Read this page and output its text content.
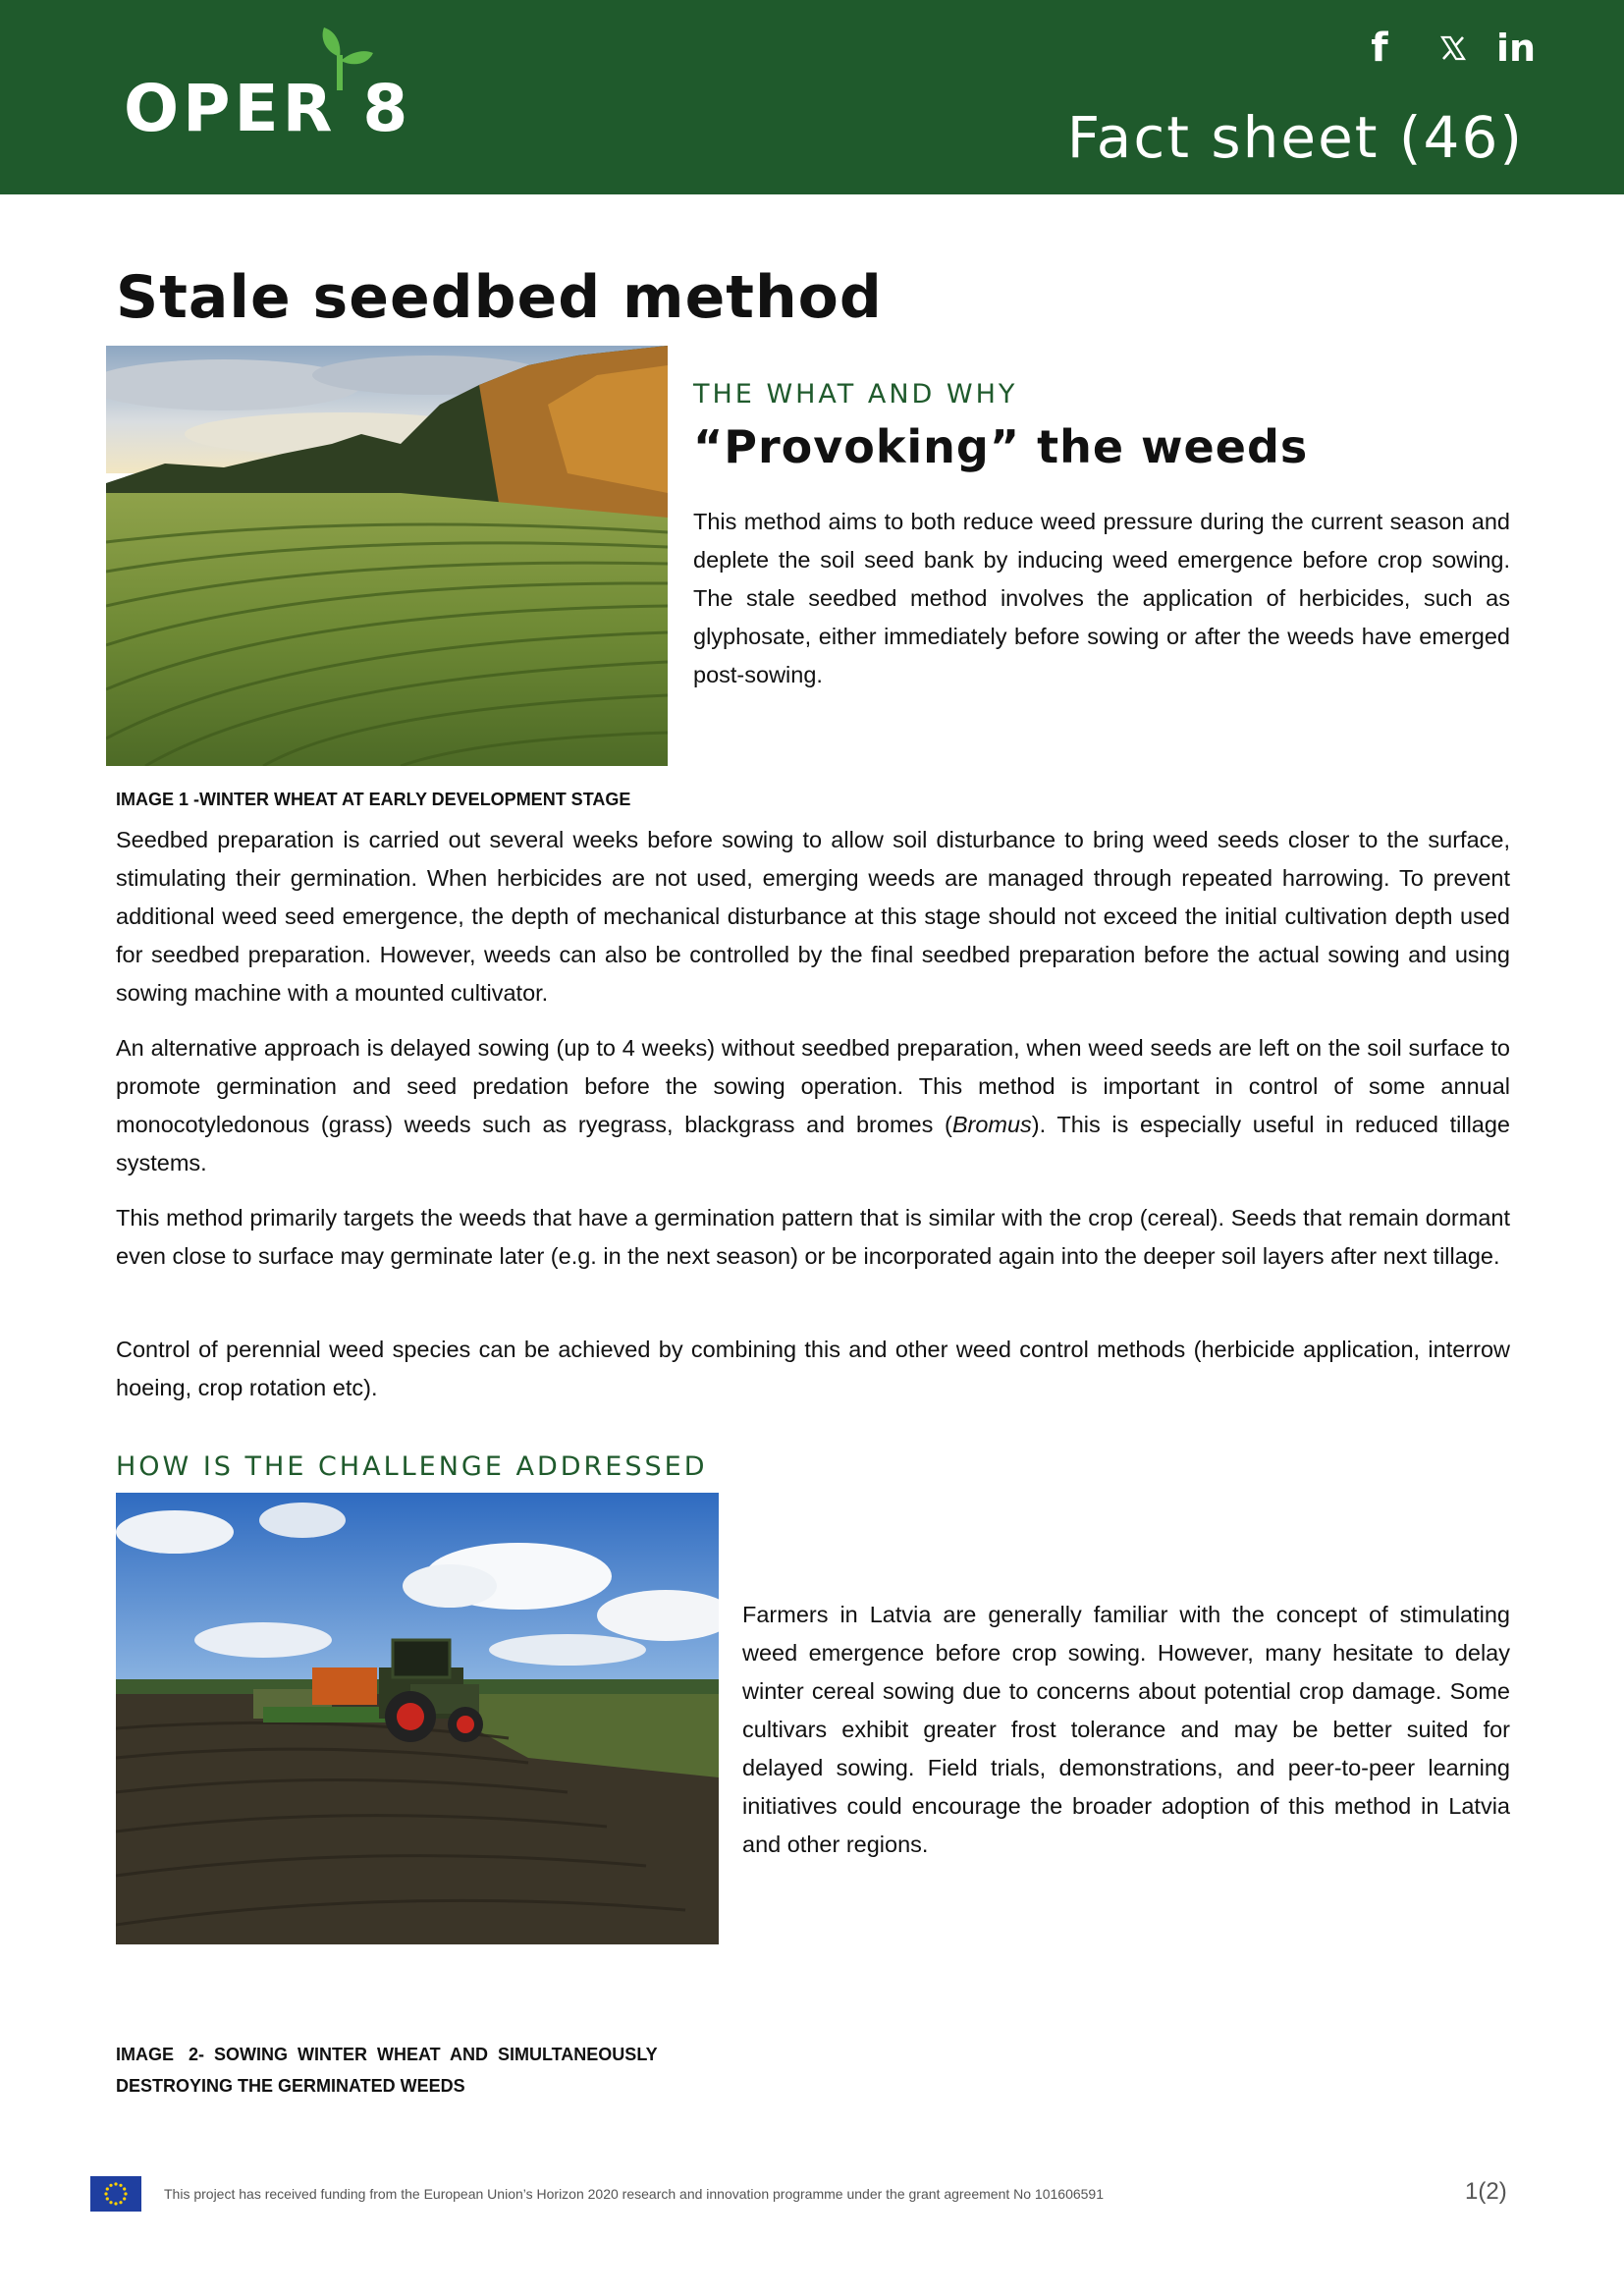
OPER 8
f	in
Fact sheet (46)
Stale seedbed method
THE WHAT AND WHY
“Provoking” the weeds

This method aims to both reduce weed pressure during the current season and deplete the soil seed bank by inducing weed emergence before crop sowing. The stale seedbed method involves the application of herbicides, such as glyphosate, either immediately before sowing or after the weeds have emerged post-sowing.

IMAGE 1 -WINTER WHEAT AT EARLY DEVELOPMENT STAGE

Seedbed preparation is carried out several weeks before sowing to allow soil disturbance to bring weed seeds closer to the surface, stimulating their germination. When herbicides are not used, emerging weeds are managed through repeated harrowing. To prevent additional weed seed emergence, the depth of mechanical disturbance at this stage should not exceed the initial cultivation depth used for seedbed preparation. However, weeds can also be controlled by the final seedbed preparation before the actual sowing and using sowing machine with a mounted cultivator.

An alternative approach is delayed sowing (up to 4 weeks) without seedbed preparation, when weed seeds are left on the soil surface to promote germination and seed predation before the sowing operation. This method is important in control of some annual monocotyledonous (grass) weeds such as ryegrass, blackgrass and bromes (Bromus). This is especially useful in reduced tillage systems.

This method primarily targets the weeds that have a germination pattern that is similar with the crop (cereal). Seeds that remain dormant even close to surface may germinate later (e.g. in the next season) or be incorporated again into the deeper soil layers after next tillage.

Control of perennial weed species can be achieved by combining this and other weed control methods (herbicide application, interrow hoeing, crop rotation etc).

HOW IS THE CHALLENGE ADDRESSED

Farmers in Latvia are generally familiar with the concept of stimulating weed emergence before crop sowing. However, many hesitate to delay winter cereal sowing due to concerns about potential crop damage. Some cultivars exhibit greater frost tolerance and may be better suited for delayed sowing. Field trials, demonstrations, and peer-to-peer learning initiatives could encourage the broader adoption of this method in Latvia and other regions.

IMAGE   2-  SOWING  WINTER  WHEAT  AND  SIMULTANEOUSLY

DESTROYING THE GERMINATED WEEDS

This project has received funding from the European Union’s Horizon 2020 research and innovation programme under the grant agreement No 101606591	1(2)
